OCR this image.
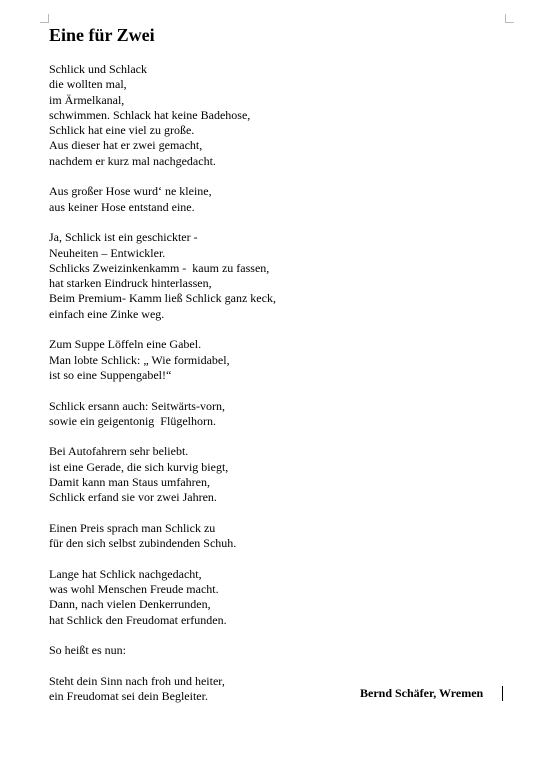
Eine für Zwei
Schlick und Schlack
die wollten mal,
im Ärmelkanal,
schwimmen. Schlack hat keine Badehose,
Schlick hat eine viel zu große.
Aus dieser hat er zwei gemacht,
nachdem er kurz mal nachgedacht.
Aus großer Hose wurd‘ ne kleine,
aus keiner Hose entstand eine.
Ja, Schlick ist ein geschickter -
Neuheiten – Entwickler.
Schlicks Zweizinkenkamm -  kaum zu fassen,
hat starken Eindruck hinterlassen,
Beim Premium- Kamm ließ Schlick ganz keck,
einfach eine Zinke weg.
Zum Suppe Löffeln eine Gabel.
Man lobte Schlick: „ Wie formidabel,
ist so eine Suppengabel!“
Schlick ersann auch: Seitwärts-vorn,
sowie ein geigentonig  Flügelhorn.
Bei Autofahrern sehr beliebt.
ist eine Gerade, die sich kurvig biegt,
Damit kann man Staus umfahren,
Schlick erfand sie vor zwei Jahren.
Einen Preis sprach man Schlick zu
für den sich selbst zubindenden Schuh.
Lange hat Schlick nachgedacht,
was wohl Menschen Freude macht.
Dann, nach vielen Denkerrunden,
hat Schlick den Freudomat erfunden.
So heißt es nun:
Steht dein Sinn nach froh und heiter,
ein Freudomat sei dein Begleiter.	Bernd Schäfer, Wremen
